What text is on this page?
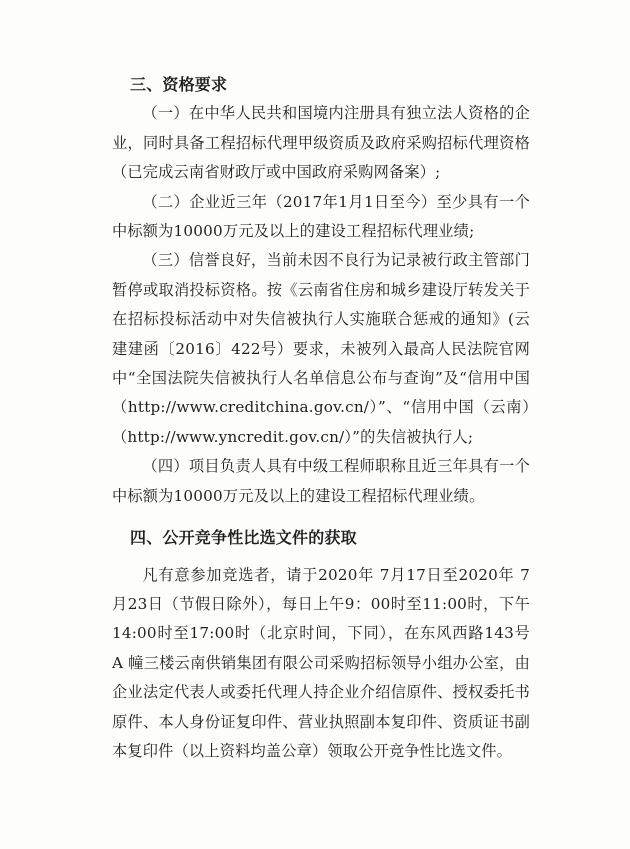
三、资格要求

（一）在中华人民共和国境内注册具有独立法人资格的企业，同时具备工程招标代理甲级资质及政府采购招标代理资格（已完成云南省财政厅或中国政府采购网备案）;

（二）企业近三年（2017年1月1日至今）至少具有一个中标额为10000万元及以上的建设工程招标代理业绩;

（三）信誉良好，当前未因不良行为记录被行政主管部门暂停或取消投标资格。按《云南省住房和城乡建设厅转发关于在招标投标活动中对失信被执行人实施联合惩戒的通知》(云建建函〔2016〕422号）要求，未被列入最高人民法院官网中“全国法院失信被执行人名单信息公布与查询”及“信用中国（http://www.creditchina.gov.cn/）”、“信用中国（云南）（http://www.yncredit.gov.cn/）”的失信被执行人;

（四）项目负责人具有中级工程师职称且近三年具有一个中标额为10000万元及以上的建设工程招标代理业绩。

四、公开竞争性比选文件的获取

凡有意参加竞选者，请于2020年 7月17日至2020年 7月23日（节假日除外），每日上午9：00时至11:00时，下午14:00时至17:00时（北京时间，下同），在东风西路143号 A 幢三楼云南供销集团有限公司采购招标领导小组办公室，由企业法定代表人或委托代理人持企业介绍信原件、授权委托书原件、本人身份证复印件、营业执照副本复印件、资质证书副本复印件（以上资料均盖公章）领取公开竞争性比选文件。
